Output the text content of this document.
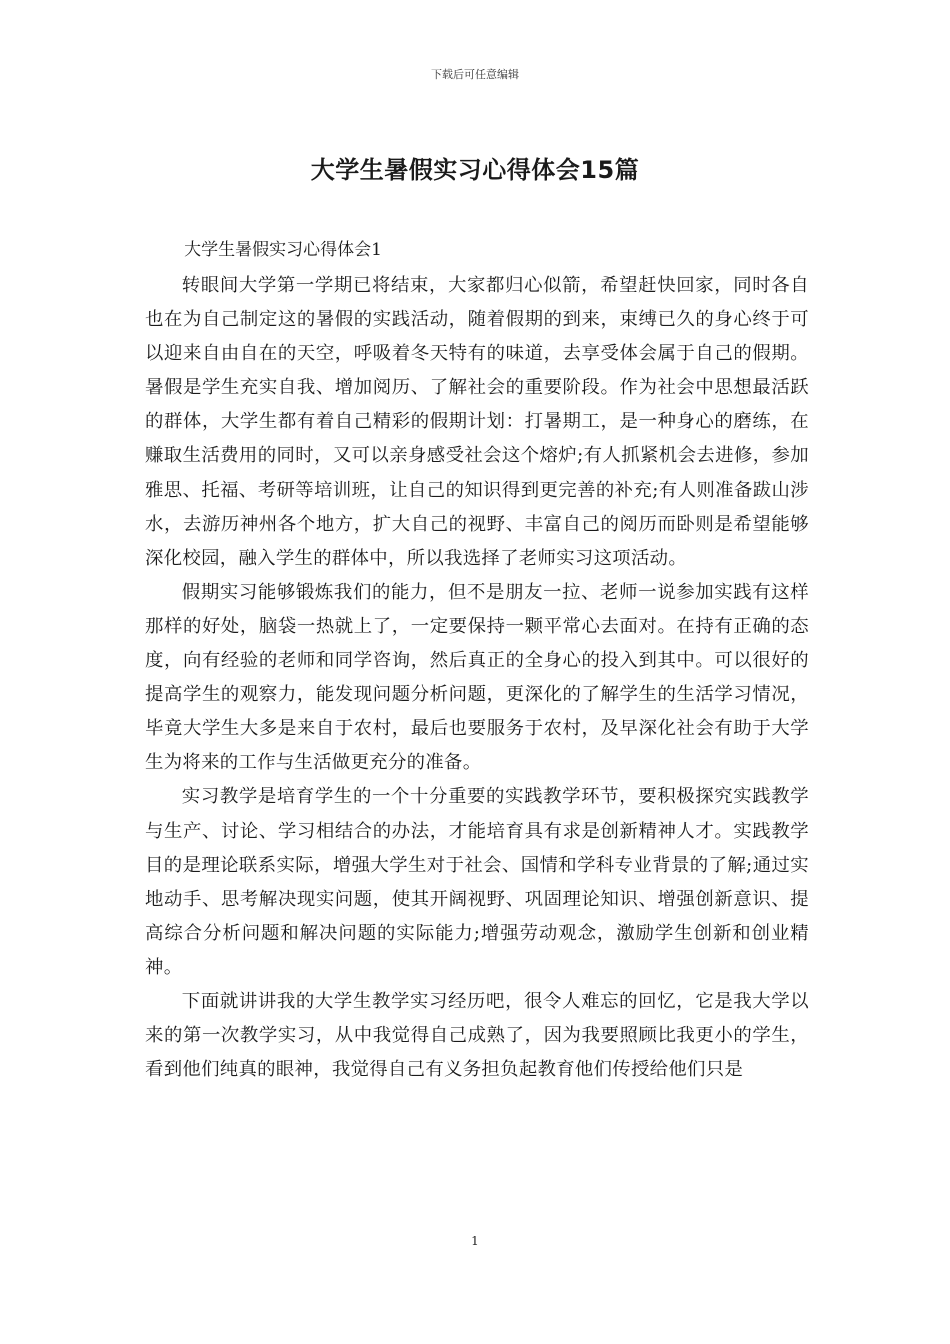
下载后可任意编辑
大学生暑假实习心得体会15篇

大学生暑假实习心得体会1

转眼间大学第一学期已将结束，大家都归心似箭，希望赶快回家，同时各自也在为自己制定这的暑假的实践活动，随着假期的到来，束缚已久的身心终于可以迎来自由自在的天空，呼吸着冬天特有的味道，去享受体会属于自己的假期。暑假是学生充实自我、增加阅历、了解社会的重要阶段。作为社会中思想最活跃的群体，大学生都有着自己精彩的假期计划：打暑期工，是一种身心的磨练，在赚取生活费用的同时，又可以亲身感受社会这个熔炉;有人抓紧机会去进修，参加雅思、托福、考研等培训班，让自己的知识得到更完善的补充;有人则准备跋山涉水，去游历神州各个地方，扩大自己的视野、丰富自己的阅历而卧则是希望能够深化校园，融入学生的群体中，所以我选择了老师实习这项活动。

假期实习能够锻炼我们的能力，但不是朋友一拉、老师一说参加实践有这样那样的好处，脑袋一热就上了，一定要保持一颗平常心去面对。在持有正确的态度，向有经验的老师和同学咨询，然后真正的全身心的投入到其中。可以很好的提高学生的观察力，能发现问题分析问题，更深化的了解学生的生活学习情况，毕竟大学生大多是来自于农村，最后也要服务于农村，及早深化社会有助于大学生为将来的工作与生活做更充分的准备。

实习教学是培育学生的一个十分重要的实践教学环节，要积极探究实践教学与生产、讨论、学习相结合的办法，才能培育具有求是创新精神人才。实践教学目的是理论联系实际，增强大学生对于社会、国情和学科专业背景的了解;通过实地动手、思考解决现实问题，使其开阔视野、巩固理论知识、增强创新意识、提高综合分析问题和解决问题的实际能力;增强劳动观念，激励学生创新和创业精神。

下面就讲讲我的大学生教学实习经历吧，很令人难忘的回忆，它是我大学以来的第一次教学实习，从中我觉得自己成熟了，因为我要照顾比我更小的学生，看到他们纯真的眼神，我觉得自己有义务担负起教育他们传授给他们只是

1
